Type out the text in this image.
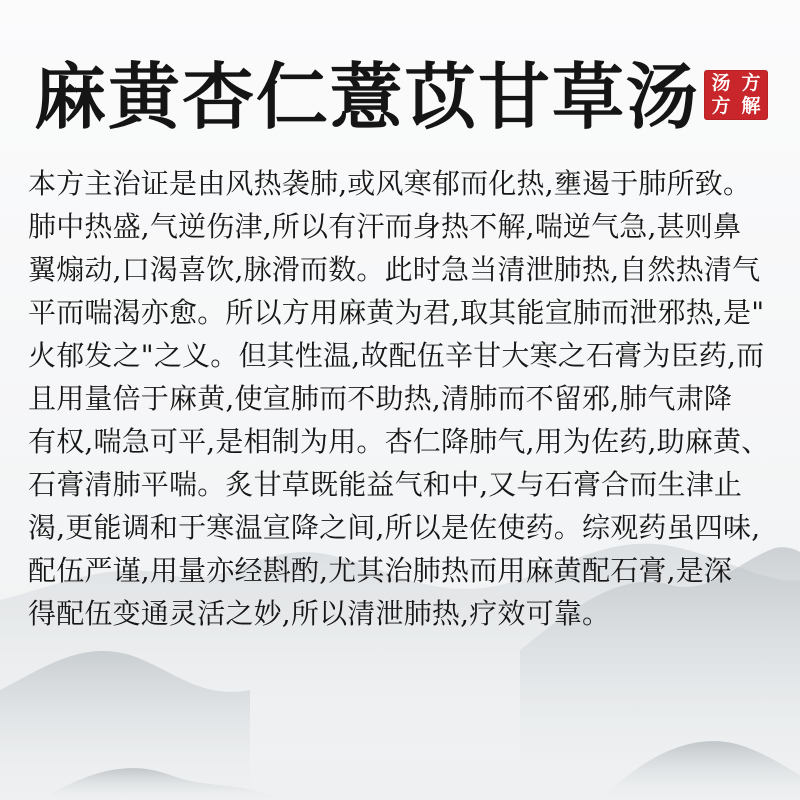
麻黄杏仁薏苡甘草汤 方
解
汤
方
本方主治证是由风热袭肺,或风寒郁而化热,壅遏于肺所致。
肺中热盛,气逆伤津,所以有汗而身热不解,喘逆气急,甚则鼻
翼煽动,口渴喜饮,脉滑而数。此时急当清泄肺热,自然热清气
平而喘渴亦愈。所以方用麻黄为君,取其能宣肺而泄邪热,是"
火郁发之"之义。但其性温,故配伍辛甘大寒之石膏为臣药,而
且用量倍于麻黄,使宣肺而不助热,清肺而不留邪,肺气肃降
有权,喘急可平,是相制为用。杏仁降肺气,用为佐药,助麻黄、
石膏清肺平喘。炙甘草既能益气和中,又与石膏合而生津止
渴,更能调和于寒温宣降之间,所以是佐使药。综观药虽四味,
配伍严谨,用量亦经斟酌,尤其治肺热而用麻黄配石膏,是深
得配伍变通灵活之妙,所以清泄肺热,疗效可靠。
